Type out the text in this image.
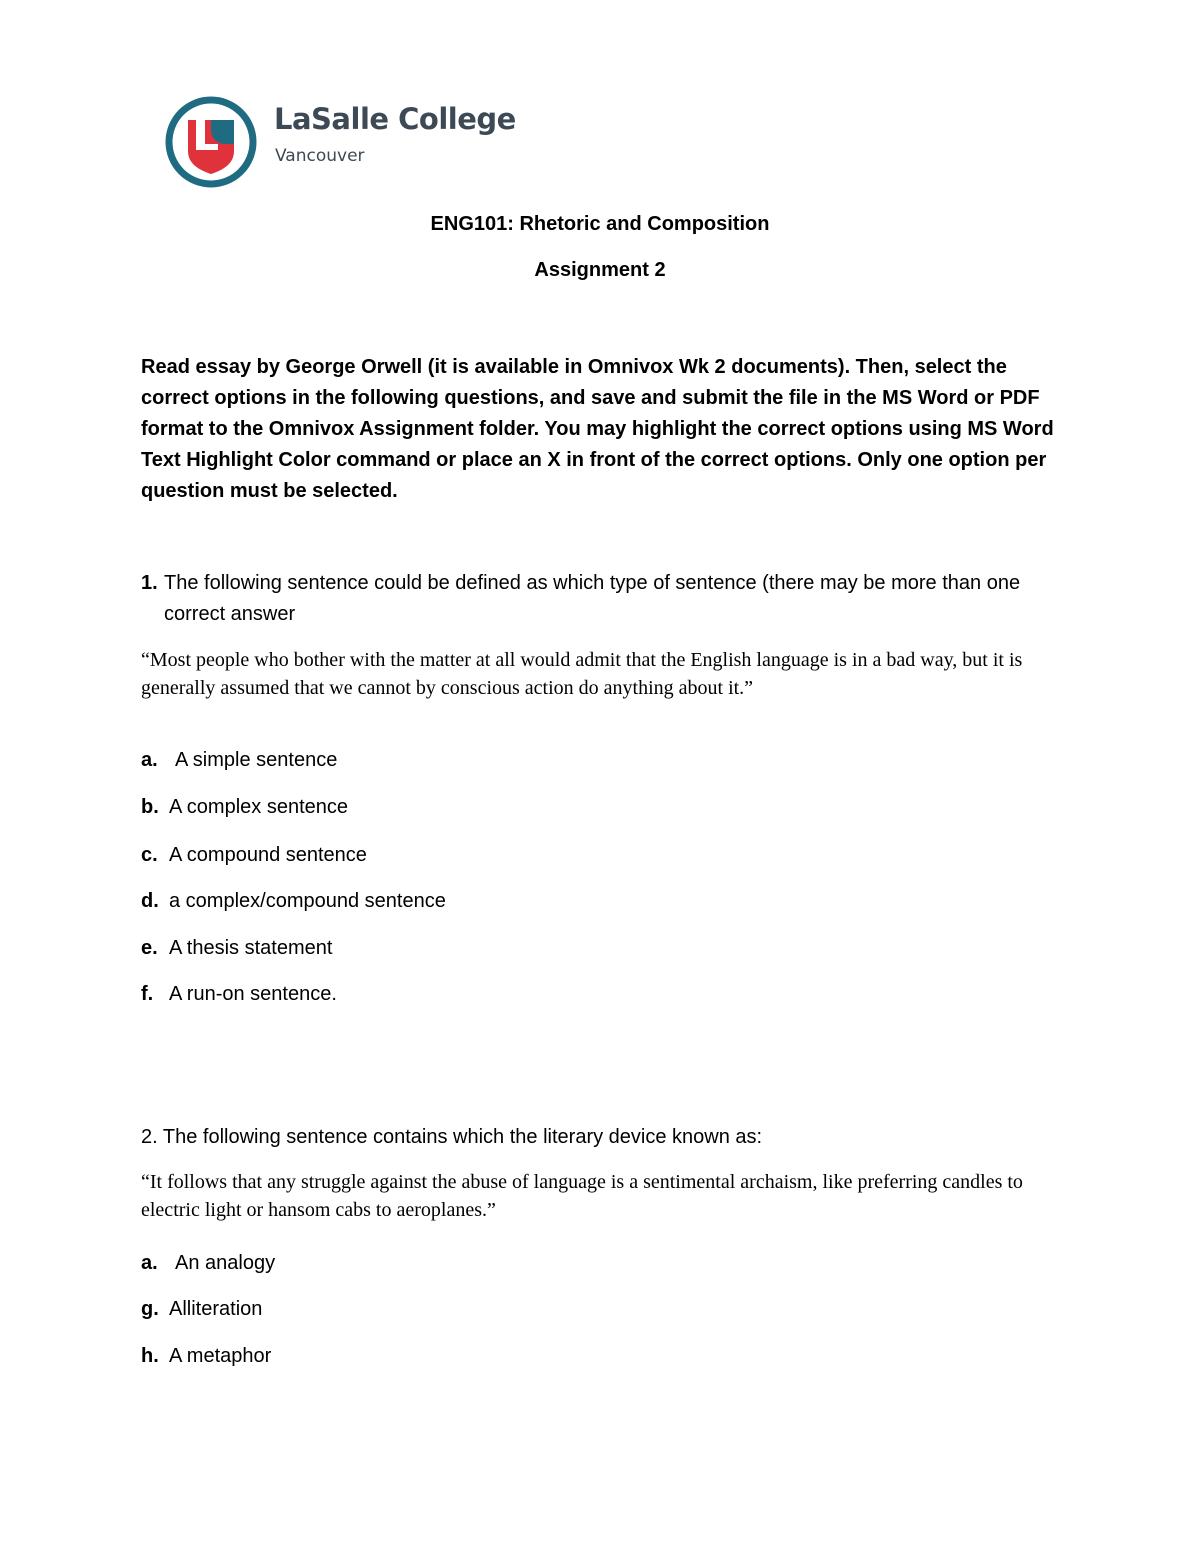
LaSalle College
Vancouver
ENG101: Rhetoric and Composition
Assignment 2
Read essay by George Orwell (it is available in Omnivox Wk 2 documents). Then, select the correct options in the following questions, and save and submit the file in the MS Word or PDF format to the Omnivox Assignment folder. You may highlight the correct options using MS Word Text Highlight Color command or place an X in front of the correct options. Only one option per question must be selected.
1. The following sentence could be defined as which type of sentence (there may be more than one correct answer
“Most people who bother with the matter at all would admit that the English language is in a bad way, but it is generally assumed that we cannot by conscious action do anything about it.”
a. A simple sentence
b. A complex sentence
c. A compound sentence
d. a complex/compound sentence
e. A thesis statement
f. A run-on sentence.
2. The following sentence contains which the literary device known as:
“It follows that any struggle against the abuse of language is a sentimental archaism, like preferring candles to electric light or hansom cabs to aeroplanes.”
a. An analogy
g. Alliteration
h. A metaphor
